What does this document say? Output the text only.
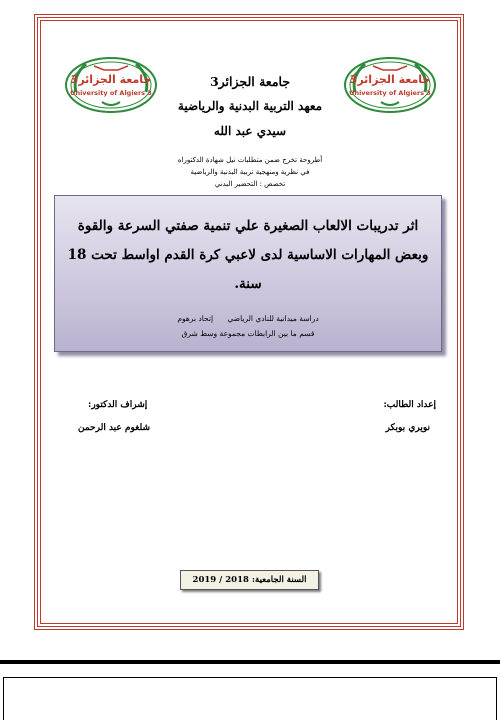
جامعة الجزائر3
University of Algiers 3
جامعة الجزائر3
University of Algiers 3
جامعة الجزائر3
معهد التربية البدنية والرياضية
سيدي عبد الله
أطروحة تخرج ضمن متطلبات نيل شهادة الدكتوراه
في نظرية ومنهجية تربية البدنية والرياضية
تخصص : التحضير البدني
اثر تدريبات الالعاب الصغيرة علي تنمية صفتي السرعة والقوة وبعض المهارات الاساسية لدى لاعبي كرة القدم اواسط تحت 18 سنة.
دراسة ميدانية للنادي الرياضي إتحاد برهوم
قسم ما بين الرابطات مجموعة وسط شرق
إعداد الطالب:
إشراف الدكتور:
نويري بوبكر
شلغوم عبد الرحمن
السنة الجامعية: 2018 / 2019
